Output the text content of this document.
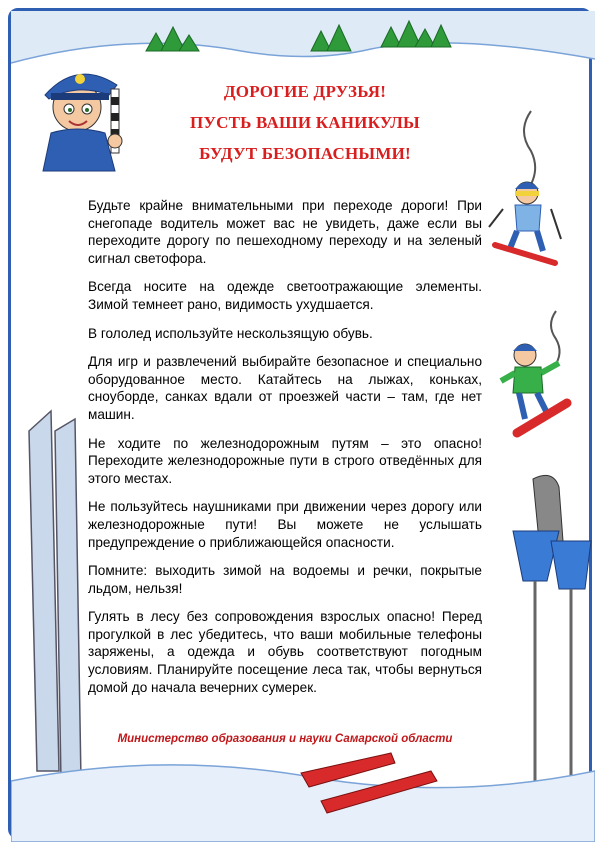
ДОРОГИЕ ДРУЗЬЯ!
ПУСТЬ ВАШИ КАНИКУЛЫ
БУДУТ БЕЗОПАСНЫМИ!

Будьте крайне внимательными при переходе дороги! При снегопаде водитель может вас не увидеть, даже если вы переходите дорогу по пешеходному переходу и на зеленый сигнал светофора.

Всегда носите на одежде светоотражающие элементы. Зимой темнеет рано, видимость ухудшается.

В гололед используйте нескользящую обувь.

Для игр и развлечений выбирайте безопасное и специально оборудованное место. Катайтесь на лыжах, коньках, сноуборде, санках вдали от проезжей части – там, где нет машин.

Не ходите по железнодорожным путям – это опасно! Переходите железнодорожные пути в строго отведённых для этого местах.

Не пользуйтесь наушниками при движении через дорогу или железнодорожные пути! Вы можете не услышать предупреждение о приближающейся опасности.

Помните: выходить зимой на водоемы и речки, покрытые льдом, нельзя!

Гулять в лесу без сопровождения взрослых опасно! Перед прогулкой в лес убедитесь, что ваши мобильные телефоны заряжены, а одежда и обувь соответствуют погодным условиям. Планируйте посещение леса так, чтобы вернуться домой до начала вечерних сумерек.

Министерство образования и науки Самарской области
